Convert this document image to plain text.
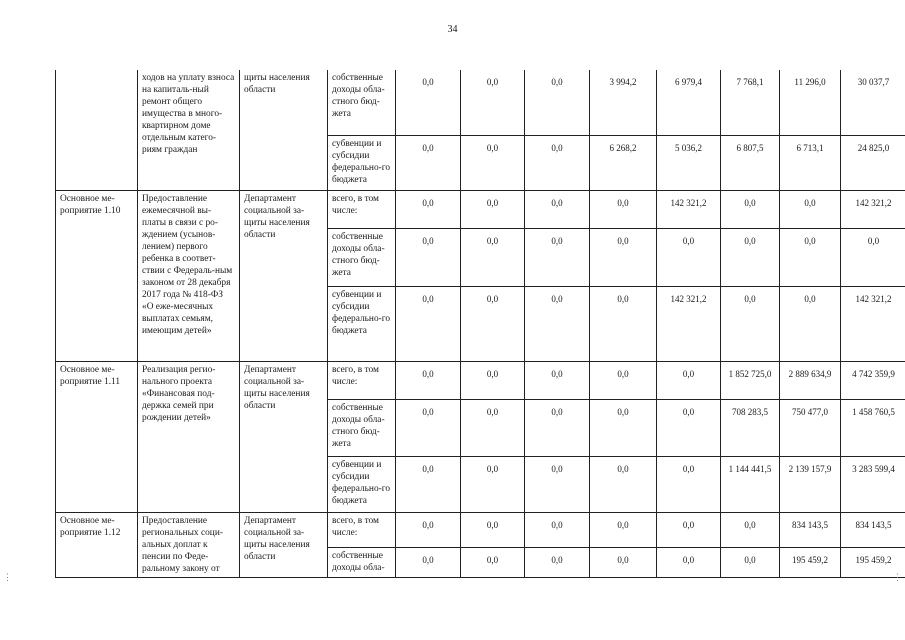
34
	ходов на уплату взноса на капиталь-ный ремонт общего имущества в много-квартирном доме отдельным катего-риям граждан	щиты населения области	собственные доходы обла-стного бюд-жета	0,0	0,0	0,0	3 994,2	6 979,4	7 768,1	11 296,0	30 037,7
			субвенции и субсидии федерально-го бюджета	0,0	0,0	0,0	6 268,2	5 036,2	6 807,5	6 713,1	24 825,0
Основное ме-роприятие 1.10	Предоставление ежемесячной вы-платы в связи с ро-ждением (усынов-лением) первого ребенка в соответ-ствии с Федераль-ным законом от 28 декабря 2017 года № 418-ФЗ «О еже-месячных выплатах семьям, имеющим детей»	Департамент социальной за-щиты населения области	всего, в том числе:	0,0	0,0	0,0	0,0	142 321,2	0,0	0,0	142 321,2
			собственные доходы обла-стного бюд-жета	0,0	0,0	0,0	0,0	0,0	0,0	0,0	0,0
			субвенции и субсидии федерально-го бюджета	0,0	0,0	0,0	0,0	142 321,2	0,0	0,0	142 321,2
Основное ме-роприятие 1.11	Реализация регио-нального проекта «Финансовая под-держка семей при рождении детей»	Департамент социальной за-щиты населения области	всего, в том числе:	0,0	0,0	0,0	0,0	0,0	1 852 725,0	2 889 634,9	4 742 359,9
			собственные доходы обла-стного бюд-жета	0,0	0,0	0,0	0,0	0,0	708 283,5	750 477,0	1 458 760,5
			субвенции и субсидии федерально-го бюджета	0,0	0,0	0,0	0,0	0,0	1 144 441,5	2 139 157,9	3 283 599,4
Основное ме-роприятие 1.12	Предоставление региональных соци-альных доплат к пенсии по Феде-ральному закону от	Департамент социальной за-щиты населения области	всего, в том числе:	0,0	0,0	0,0	0,0	0,0	0,0	834 143,5	834 143,5
			собственные доходы обла-	0,0	0,0	0,0	0,0	0,0	0,0	195 459,2	195 459,2
⋮	⋮
